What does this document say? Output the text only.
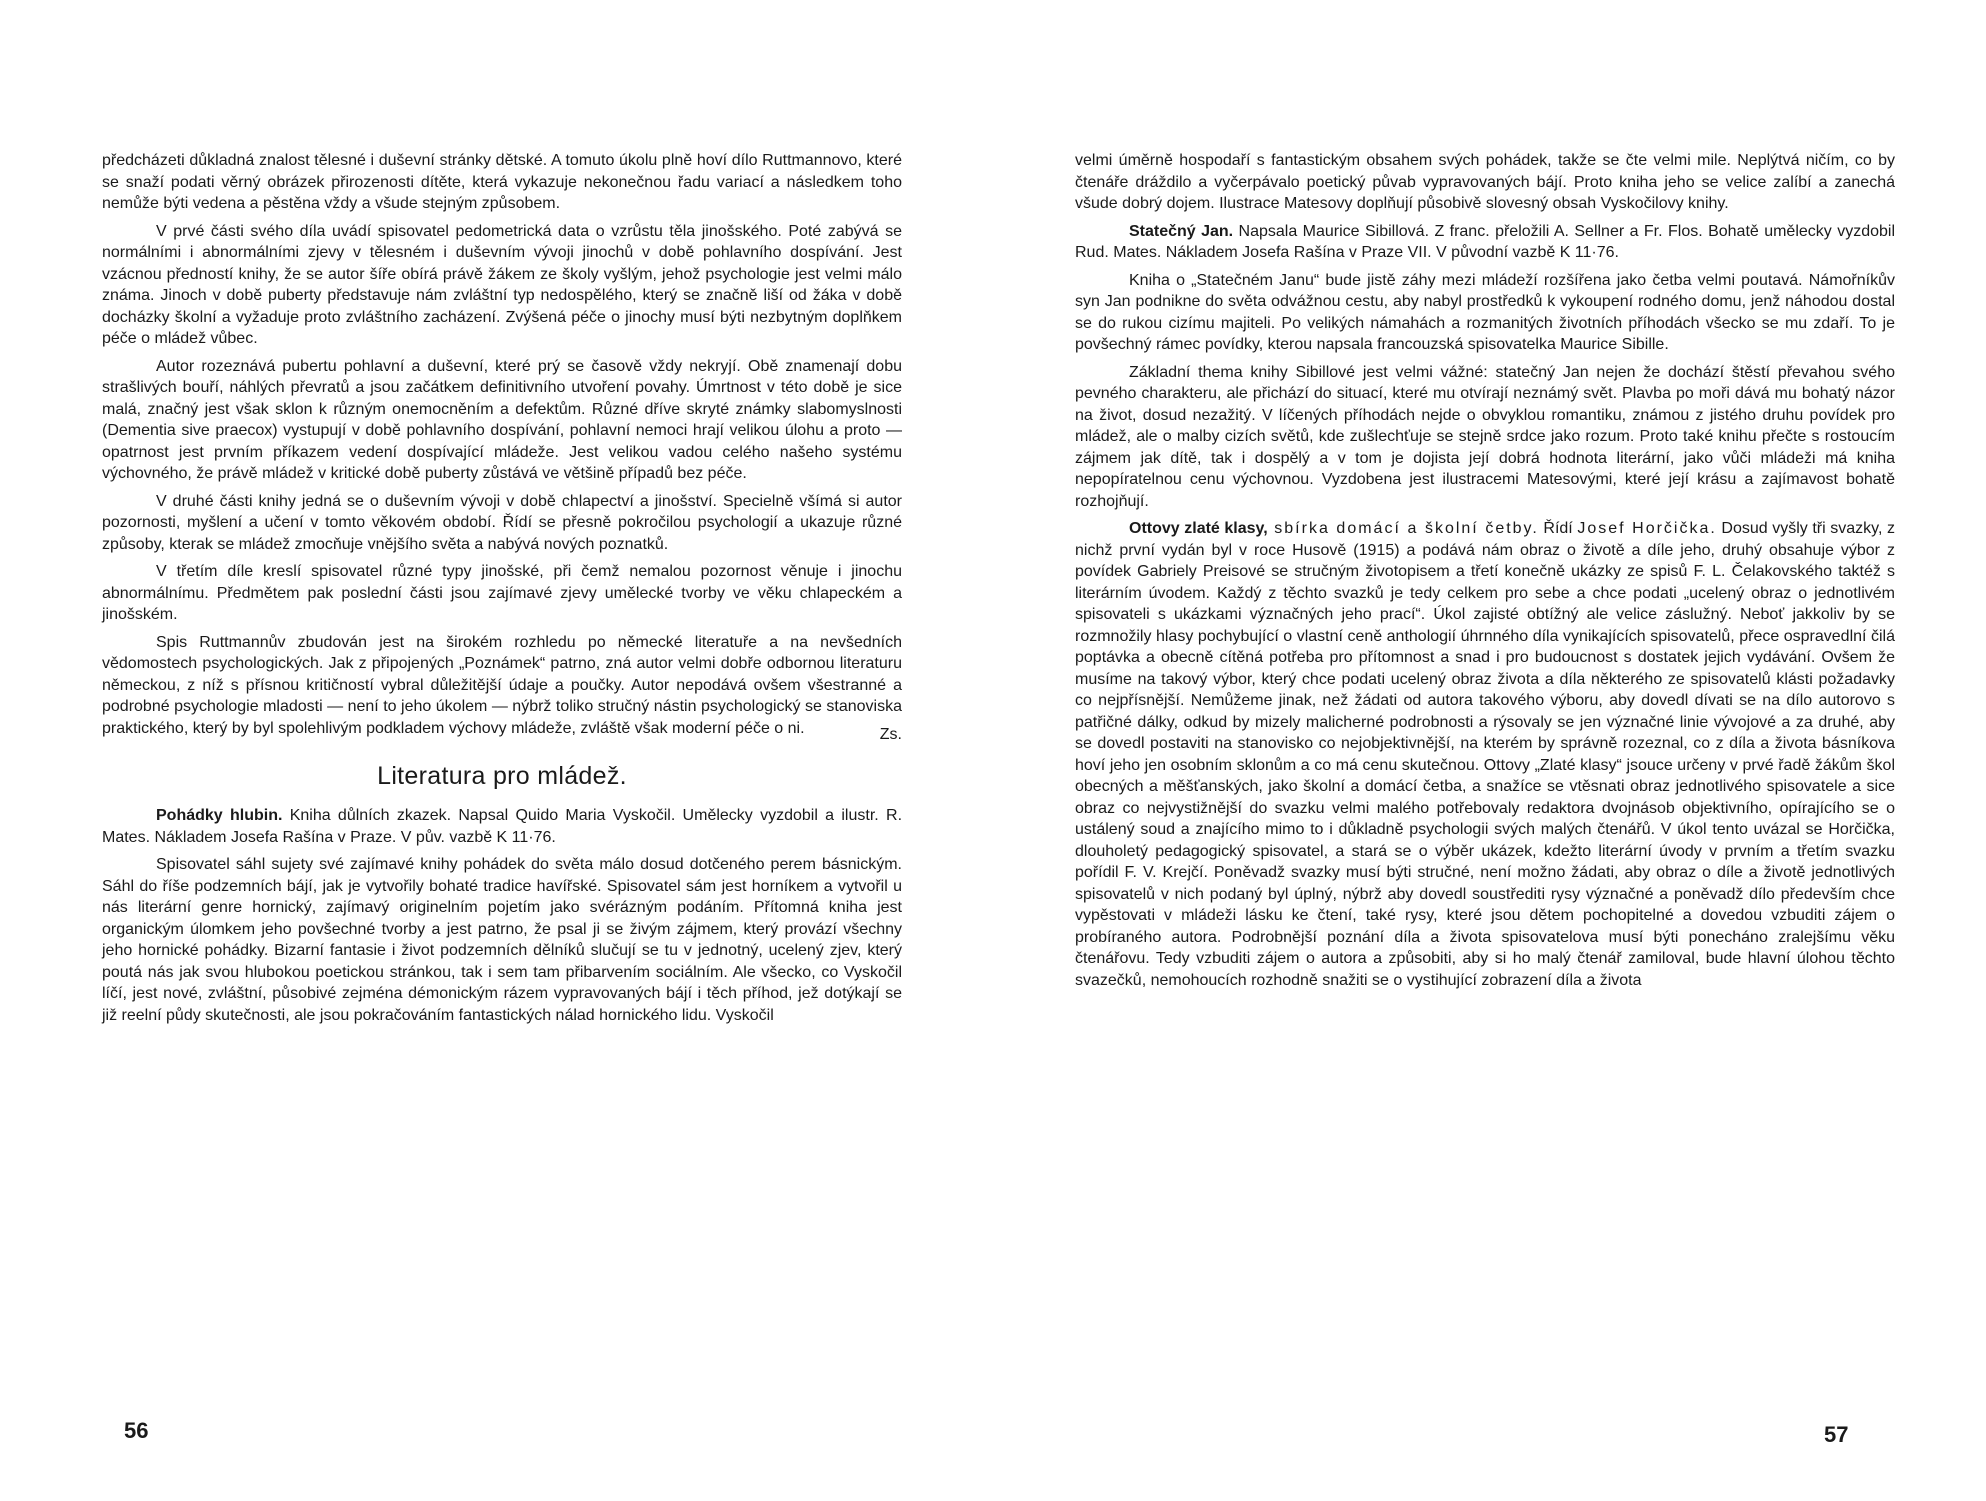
předcházeti důkladná znalost tělesné i duševní stránky dětské. A tomuto úkolu plně hoví dílo Ruttmannovo, které se snaží podati věrný obrázek přirozenosti dítěte, která vykazuje nekonečnou řadu variací a následkem toho nemůže býti vedena a pěstěna vždy a všude stejným způsobem.

V prvé části svého díla uvádí spisovatel pedometrická data o vzrůstu těla jinošského. Poté zabývá se normálními i abnormálními zjevy v tělesném i duševním vývoji jinochů v době pohlavního dospívání. Jest vzácnou předností knihy, že se autor šíře obírá právě žákem ze školy vyšlým, jehož psychologie jest velmi málo známa. Jinoch v době puberty představuje nám zvláštní typ nedospělého, který se značně liší od žáka v době docházky školní a vyžaduje proto zvláštního zacházení. Zvýšená péče o jinochy musí býti nezbytným doplňkem péče o mládež vůbec.

Autor rozeznává pubertu pohlavní a duševní, které prý se časově vždy nekryjí. Obě znamenají dobu strašlivých bouří, náhlých převratů a jsou začátkem definitivního utvoření povahy. Úmrtnost v této době je sice malá, značný jest však sklon k různým onemocněním a defektům. Různé dříve skryté známky slabomyslnosti (Dementia sive praecox) vystupují v době pohlavního dospívání, pohlavní nemoci hrají velikou úlohu a proto — opatrnost jest prvním příkazem vedení dospívající mládeže. Jest velikou vadou celého našeho systému výchovného, že právě mládež v kritické době puberty zůstává ve většině případů bez péče.

V druhé části knihy jedná se o duševním vývoji v době chlapectví a jinošství. Specielně všímá si autor pozornosti, myšlení a učení v tomto věkovém období. Řídí se přesně pokročilou psychologií a ukazuje různé způsoby, kterak se mládež zmocňuje vnějšího světa a nabývá nových poznatků.

V třetím díle kreslí spisovatel různé typy jinošské, při čemž nemalou pozornost věnuje i jinochu abnormálnímu. Předmětem pak poslední části jsou zajímavé zjevy umělecké tvorby ve věku chlapeckém a jinošském.

Spis Ruttmannův zbudován jest na širokém rozhledu po německé literatuře a na nevšedních vědomostech psychologických. Jak z připojených „Poznámek“ patrno, zná autor velmi dobře odbornou literaturu německou, z níž s přísnou kritičností vybral důležitější údaje a poučky. Autor nepodává ovšem všestranné a podrobné psychologie mladosti — není to jeho úkolem — nýbrž toliko stručný nástin psychologický se stanoviska praktického, který by byl spolehlivým podkladem výchovy mládeže, zvláště však moderní péče o ni.	Zs.
Literatura pro mládež.

Pohádky hlubin. Kniha důlních zkazek. Napsal Quido Maria Vyskočil. Umělecky vyzdobil a ilustr. R. Mates. Nákladem Josefa Rašína v Praze. V pův. vazbě K 11·76.

Spisovatel sáhl sujety své zajímavé knihy pohádek do světa málo dosud dotčeného perem básnickým. Sáhl do říše podzemních bájí, jak je vytvořily bohaté tradice havířské. Spisovatel sám jest horníkem a vytvořil u nás literární genre hornický, zajímavý originelním pojetím jako svérázným podáním. Přítomná kniha jest organickým úlomkem jeho povšechné tvorby a jest patrno, že psal ji se živým zájmem, který provází všechny jeho hornické pohádky. Bizarní fantasie i život podzemních dělníků slučují se tu v jednotný, ucelený zjev, který poutá nás jak svou hlubokou poetickou stránkou, tak i sem tam přibarvením sociálním. Ale všecko, co Vyskočil líčí, jest nové, zvláštní, působivé zejména démonickým rázem vypravovaných bájí i těch příhod, jež dotýkají se již reelní půdy skutečnosti, ale jsou pokračováním fantastických nálad hornického lidu. Vyskočil

56

velmi úměrně hospodaří s fantastickým obsahem svých pohádek, takže se čte velmi mile. Neplýtvá ničím, co by čtenáře dráždilo a vyčerpávalo poetický půvab vypravovaných bájí. Proto kniha jeho se velice zalíbí a zanechá všude dobrý dojem. Ilustrace Matesovy doplňují působivě slovesný obsah Vyskočilovy knihy.

Statečný Jan. Napsala Maurice Sibillová. Z franc. přeložili A. Sellner a Fr. Flos. Bohatě umělecky vyzdobil Rud. Mates. Nákladem Josefa Rašína v Praze VII. V původní vazbě K 11·76.

Kniha o „Statečném Janu“ bude jistě záhy mezi mládeží rozšířena jako četba velmi poutavá. Námořníkův syn Jan podnikne do světa odvážnou cestu, aby nabyl prostředků k vykoupení rodného domu, jenž náhodou dostal se do rukou cizímu majiteli. Po velikých námahách a rozmanitých životních příhodách všecko se mu zdaří. To je povšechný rámec povídky, kterou napsala francouzská spisovatelka Maurice Sibille.

Základní thema knihy Sibillové jest velmi vážné: statečný Jan nejen že dochází štěstí převahou svého pevného charakteru, ale přichází do situací, které mu otvírají neznámý svět. Plavba po moři dává mu bohatý názor na život, dosud nezažitý. V líčených příhodách nejde o obvyklou romantiku, známou z jistého druhu povídek pro mládež, ale o malby cizích světů, kde zušlechťuje se stejně srdce jako rozum. Proto také knihu přečte s rostoucím zájmem jak dítě, tak i dospělý a v tom je dojista její dobrá hodnota literární, jako vůči mládeži má kniha nepopíratelnou cenu výchovnou. Vyzdobena jest ilustracemi Matesovými, které její krásu a zajímavost bohatě rozhojňují.

Ottovy zlaté klasy, sbírka domácí a školní četby. Řídí Josef Horčička. Dosud vyšly tři svazky, z nichž první vydán byl v roce Husově (1915) a podává nám obraz o životě a díle jeho, druhý obsahuje výbor z povídek Gabriely Preisové se stručným životopisem a třetí konečně ukázky ze spisů F. L. Čelakovského taktéž s literárním úvodem. Každý z těchto svazků je tedy celkem pro sebe a chce podati „ucelený obraz o jednotlivém spisovateli s ukázkami význačných jeho prací“. Úkol zajisté obtížný ale velice záslužný. Neboť jakkoliv by se rozmnožily hlasy pochybující o vlastní ceně anthologií úhrnného díla vynikajících spisovatelů, přece ospravedlní čilá poptávka a obecně cítěná potřeba pro přítomnost a snad i pro budoucnost s dostatek jejich vydávání. Ovšem že musíme na takový výbor, který chce podati ucelený obraz života a díla některého ze spisovatelů klásti požadavky co nejpřísnější. Nemůžeme jinak, než žádati od autora takového výboru, aby dovedl dívati se na dílo autorovo s patřičné dálky, odkud by mizely malicherné podrobnosti a rýsovaly se jen význačné linie vývojové a za druhé, aby se dovedl postaviti na stanovisko co nejobjektivnější, na kterém by správně rozeznal, co z díla a života básníkova hoví jeho jen osobním sklonům a co má cenu skutečnou. Ottovy „Zlaté klasy“ jsouce určeny v prvé řadě žákům škol obecných a měšťanských, jako školní a domácí četba, a snažíce se vtěsnati obraz jednotlivého spisovatele a sice obraz co nejvystižnější do svazku velmi malého potřebovaly redaktora dvojnásob objektivního, opírajícího se o ustálený soud a znajícího mimo to i důkladně psychologii svých malých čtenářů. V úkol tento uvázal se Horčička, dlouholetý pedagogický spisovatel, a stará se o výběr ukázek, kdežto literární úvody v prvním a třetím svazku pořídil F. V. Krejčí. Poněvadž svazky musí býti stručné, není možno žádati, aby obraz o díle a životě jednotlivých spisovatelů v nich podaný byl úplný, nýbrž aby dovedl soustřediti rysy význačné a poněvadž dílo především chce vypěstovati v mládeži lásku ke čtení, také rysy, které jsou dětem pochopitelné a dovedou vzbuditi zájem o probíraného autora. Podrobnější poznání díla a života spisovatelova musí býti ponecháno zralejšímu věku čtenářovu. Tedy vzbuditi zájem o autora a způsobiti, aby si ho malý čtenář zamiloval, bude hlavní úlohou těchto svazečků, nemohoucích rozhodně snažiti se o vystihující zobrazení díla a života

57
